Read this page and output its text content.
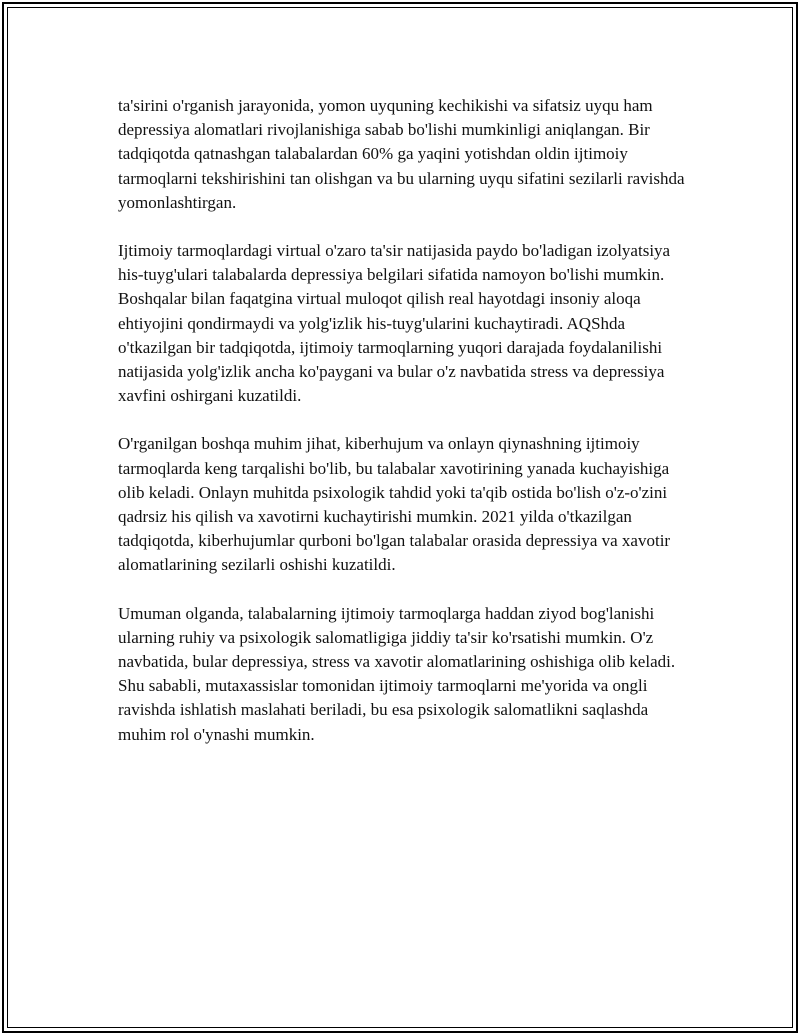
ta'sirini o'rganish jarayonida, yomon uyquning kechikishi va sifatsiz uyqu ham depressiya alomatlari rivojlanishiga sabab bo'lishi mumkinligi aniqlangan. Bir tadqiqotda qatnashgan talabalardan 60% ga yaqini yotishdan oldin ijtimoiy tarmoqlarni tekshirishini tan olishgan va bu ularning uyqu sifatini sezilarli ravishda yomonlashtirgan.

Ijtimoiy tarmoqlardagi virtual o'zaro ta'sir natijasida paydo bo'ladigan izolyatsiya his-tuyg'ulari talabalarda depressiya belgilari sifatida namoyon bo'lishi mumkin. Boshqalar bilan faqatgina virtual muloqot qilish real hayotdagi insoniy aloqa ehtiyojini qondirmaydi va yolg'izlik his-tuyg'ularini kuchaytiradi. AQShda o'tkazilgan bir tadqiqotda, ijtimoiy tarmoqlarning yuqori darajada foydalanilishi natijasida yolg'izlik ancha ko'paygani va bular o'z navbatida stress va depressiya xavfini oshirgani kuzatildi.

O'rganilgan boshqa muhim jihat, kiberhujum va onlayn qiynashning ijtimoiy tarmoqlarda keng tarqalishi bo'lib, bu talabalar xavotirining yanada kuchayishiga olib keladi. Onlayn muhitda psixologik tahdid yoki ta'qib ostida bo'lish o'z-o'zini qadrsiz his qilish va xavotirni kuchaytirishi mumkin. 2021 yilda o'tkazilgan tadqiqotda, kiberhujumlar qurboni bo'lgan talabalar orasida depressiya va xavotir alomatlarining sezilarli oshishi kuzatildi.

Umuman olganda, talabalarning ijtimoiy tarmoqlarga haddan ziyod bog'lanishi ularning ruhiy va psixologik salomatligiga jiddiy ta'sir ko'rsatishi mumkin. O'z navbatida, bular depressiya, stress va xavotir alomatlarining oshishiga olib keladi. Shu sababli, mutaxassislar tomonidan ijtimoiy tarmoqlarni me'yorida va ongli ravishda ishlatish maslahati beriladi, bu esa psixologik salomatlikni saqlashda muhim rol o'ynashi mumkin.
